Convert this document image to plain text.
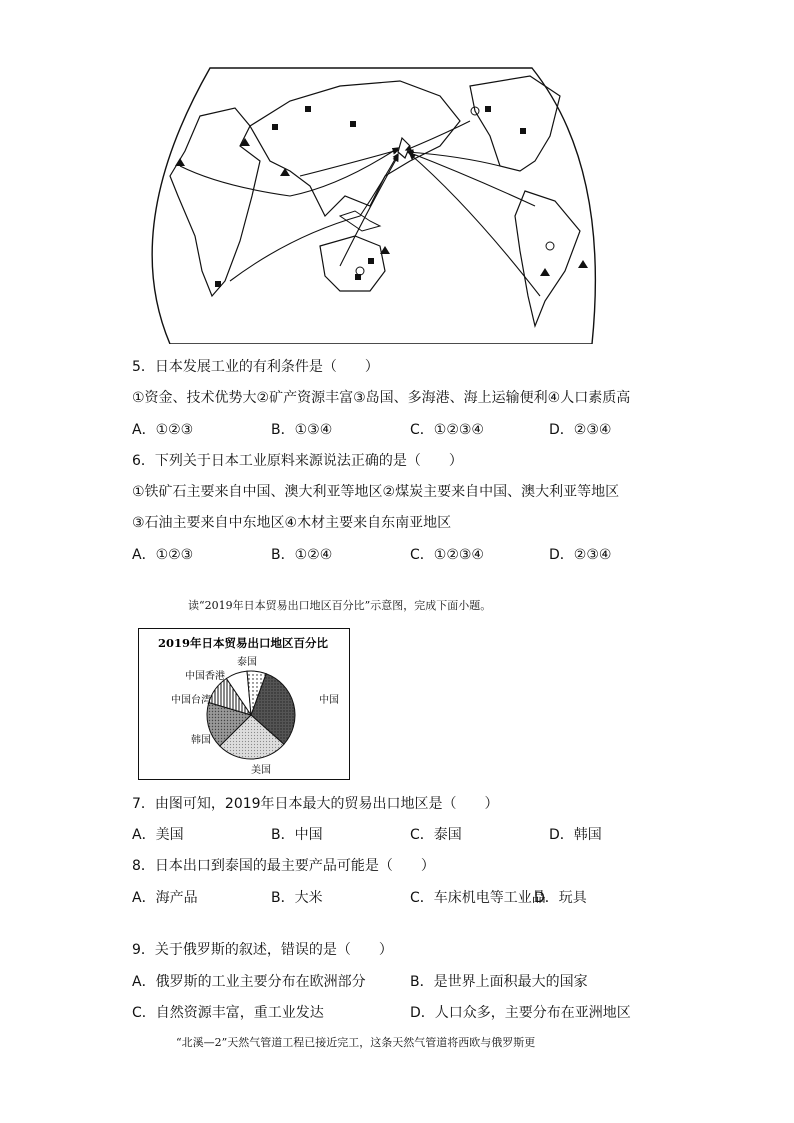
5．日本发展工业的有利条件是（　　）
①资金、技术优势大②矿产资源丰富③岛国、多海港、海上运输便利④人口素质高
A．①②③	B．①③④	C．①②③④	D．②③④
6．下列关于日本工业原料来源说法正确的是（　　）
①铁矿石主要来自中国、澳大利亚等地区②煤炭主要来自中国、澳大利亚等地区
③石油主要来自中东地区④木材主要来自东南亚地区
A．①②③	B．①②④	C．①②③④	D．②③④
读“2019年日本贸易出口地区百分比”示意图，完成下面小题。
2019年日本贸易出口地区百分比
中国
美国
韩国
中国台湾
中国香港
泰国
7．由图可知，2019年日本最大的贸易出口地区是（　　）
A．美国	B．中国	C．泰国	D．韩国
8．日本出口到泰国的最主要产品可能是（　　）
A．海产品	B．大米	C．车床机电等工业品
D．玩具
9．关于俄罗斯的叙述，错误的是（　　）
A．俄罗斯的工业主要分布在欧洲部分	B．是世界上面积最大的国家
C．自然资源丰富，重工业发达	D．人口众多，主要分布在亚洲地区
“北溪—2”天然气管道工程已接近完工，这条天然气管道将西欧与俄罗斯更
